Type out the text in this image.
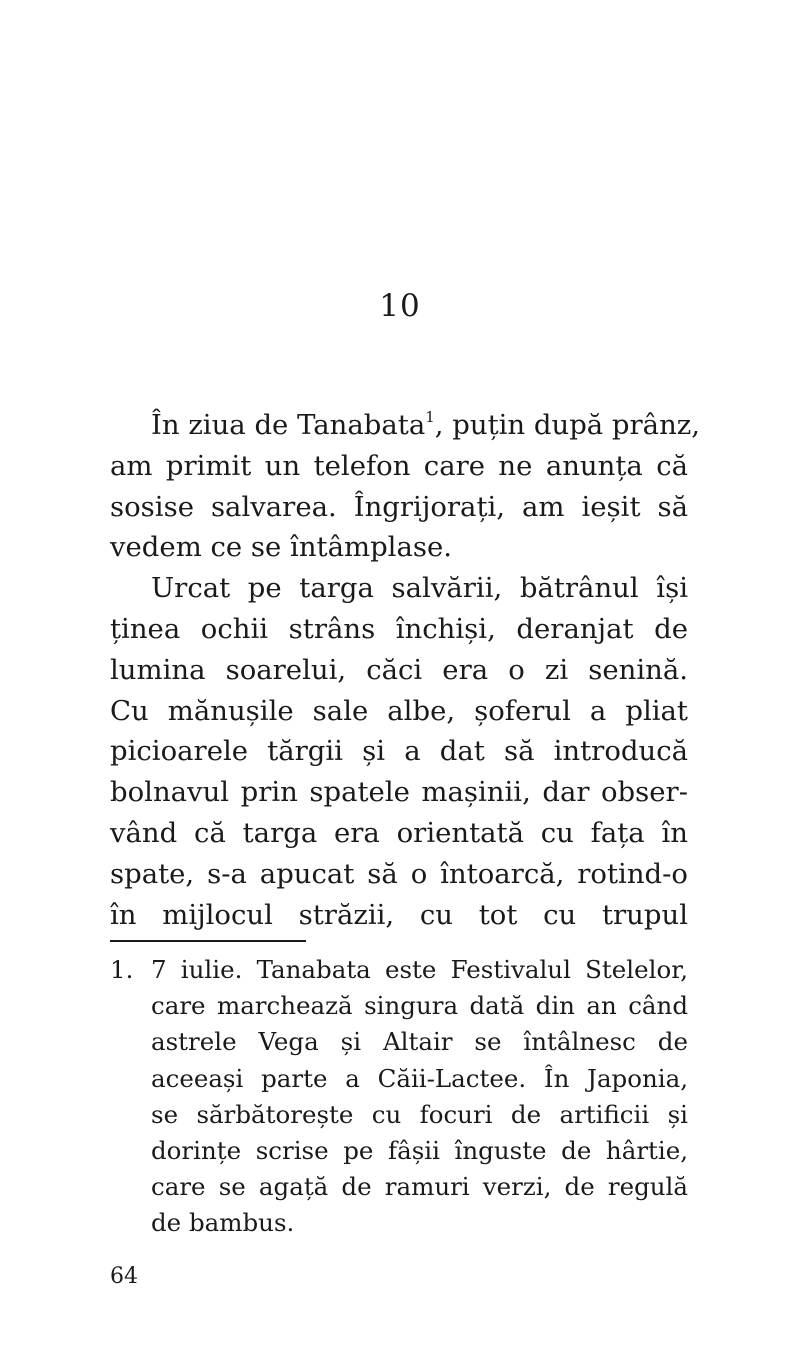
10
În ziua de Tanabata$^1$, puțin după prânz,
am primit un telefon care ne anunța că
sosise salvarea. Îngrijorați, am ieșit să
vedem ce se întâmplase.
Urcat pe targa salvării, bătrânul își
ținea ochii strâns închiși, deranjat de
lumina soarelui, căci era o zi senină.
Cu mănușile sale albe, șoferul a pliat
picioarele tărgii și a dat să introducă
bolnavul prin spatele mașinii, dar obser-
vând că targa era orientată cu fața în
spate, s-a apucat să o întoarcă, rotind-o
în mijlocul străzii, cu tot cu trupul
1. 7 iulie. Tanabata este Festivalul Stelelor,
care marchează singura dată din an când
astrele Vega și Altair se întâlnesc de
aceeași parte a Căii-Lactee. În Japonia,
se sărbătorește cu focuri de artificii și
dorințe scrise pe fâșii înguste de hârtie,
care se agață de ramuri verzi, de regulă
de bambus.
64
